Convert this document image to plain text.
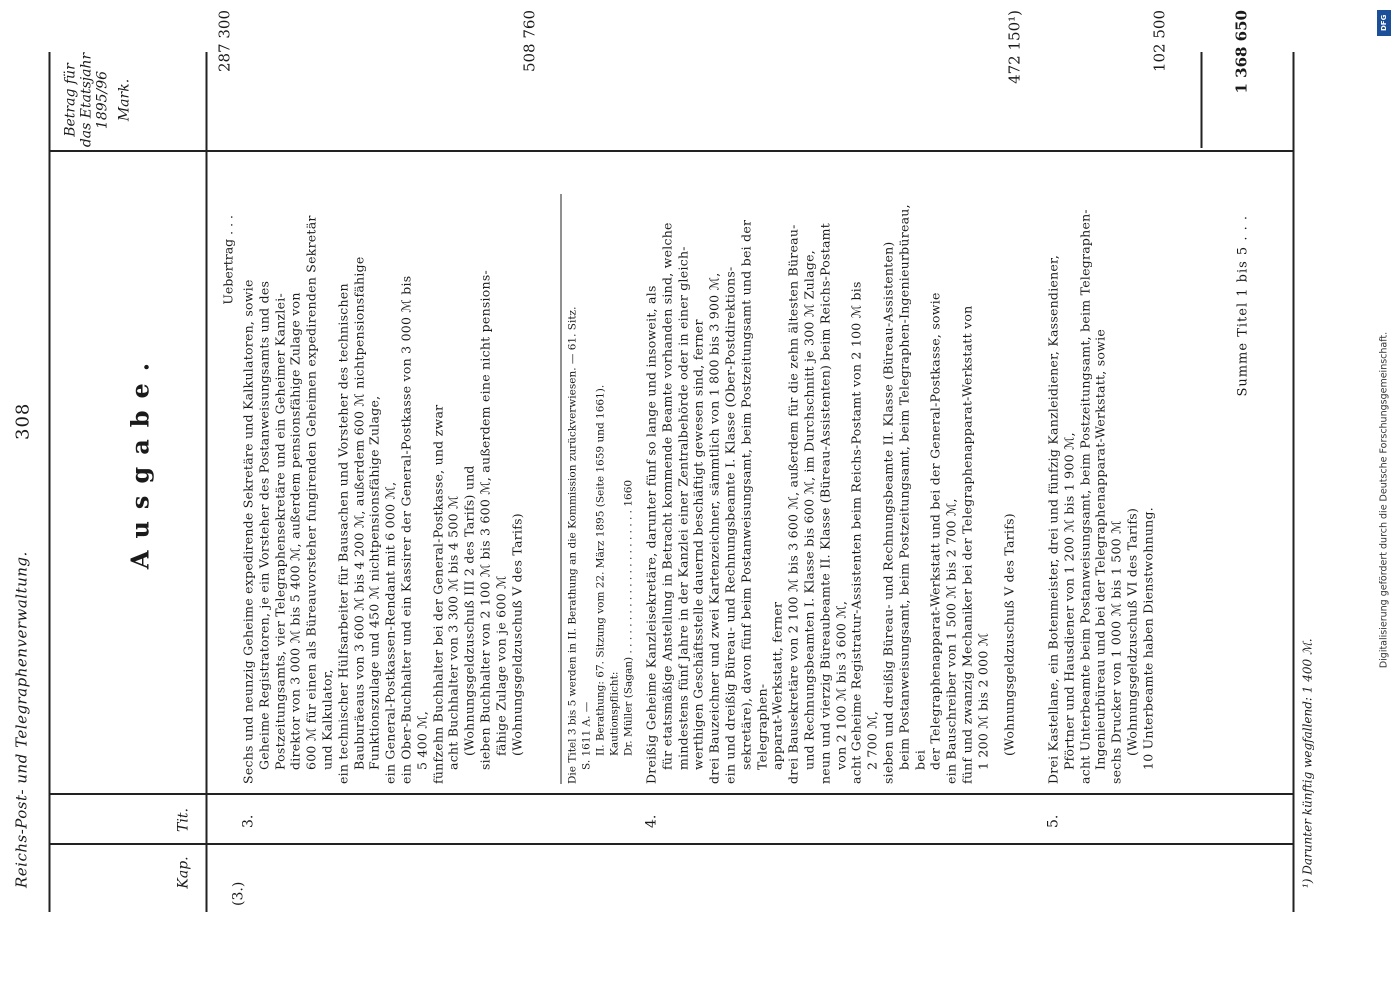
Reichs-Post- und Telegraphenverwaltung.
308
Kap.
Tit.
Betrag für das Etatsjahr 1895/96 Mark.
Ausgabe.
(3.)
Uebertrag . . .
287 300
3.

Sechs und neunzig Geheime expedirende Sekretäre und Kalkulatoren, sowie Geheime Registratoren, je ein Vorsteher des Postanweisungsamts und des Postzeitungsamts, vier Telegraphensekretäre und ein Geheimer Kanzlei- direktor von 3 000 ℳ bis 5 400 ℳ, außerdem pensionsfähige Zulage von 600 ℳ für einen als Büreauvorsteher fungirenden Geheimen expedirenden Sekretär und Kalkulator, ein technischer Hülfsarbeiter für Bausachen und Vorsteher des technischen Bauburäeaus von 3 600 ℳ bis 4 200 ℳ, außerdem 600 ℳ nichtpensionsfähige Funktionszulage und 450 ℳ nichtpensionsfähige Zulage, ein General-Postkassen-Rendant mit 6 000 ℳ, ein Ober-Buchhalter und ein Kassirer der General-Postkasse von 3 000 ℳ bis 5 400 ℳ, fünfzehn Buchhalter bei der General-Postkasse, und zwar acht Buchhalter von 3 300 ℳ bis 4 500 ℳ (Wohnungsgeldzuschuß III 2 des Tarifs) und sieben Buchhalter von 2 100 ℳ bis 3 600 ℳ, außerdem eine nicht pensions- fähige Zulage von je 600 ℳ (Wohnungsgeldzuschuß V des Tarifs)

508 760

Die Titel 3 bis 5 werden in II. Berathung an die Kommission zurückverwiesen. — 61. Sitz. S. 1611 A. — II. Berathung: 67. Sitzung vom 22. März 1895 (Seite 1659 und 1661). Kautionspflicht: Dr. Müller (Sagan) . . . . . . . . . . . . . . . . . . . . . . 1660

4.

Dreißig Geheime Kanzleisekretäre, darunter fünf so lange und insoweit, als für etatsmäßige Anstellung in Betracht kommende Beamte vorhanden sind, welche mindestens fünf Jahre in der Kanzlei einer Zentralbehörde oder in einer gleich- werthigen Geschäftsstelle dauernd beschäftigt gewesen sind, ferner drei Bauzeichner und zwei Kartenzeichner, sämmtlich von 1 800 bis 3 900 ℳ, ein und dreißig Büreau- und Rechnungsbeamte I. Klasse (Ober-Postdirektions- sekretäre), davon fünf beim Postanweisungsamt, beim Postzeitungsamt und bei der Telegraphen- apparat-Werkstatt, ferner drei Bausekretäre von 2 100 ℳ bis 3 600 ℳ, außerdem für die zehn ältesten Büreau- und Rechnungsbeamten I. Klasse bis 600 ℳ, im Durchschnitt je 300 ℳ Zulage, neun und vierzig Büreaubeamte II. Klasse (Büreau-Assistenten) beim Reichs-Postamt von 2 100 ℳ bis 3 600 ℳ, acht Geheime Registratur-Assistenten beim Reichs-Postamt von 2 100 ℳ bis 2 700 ℳ, sieben und dreißig Büreau- und Rechnungsbeamte II. Klasse (Büreau-Assistenten) beim Postanweisungsamt, beim Postzeitungsamt, beim Telegraphen-Ingenieurbüreau, bei der Telegraphenapparat-Werkstatt und bei der General-Postkasse, sowie ein Bauschreiber von 1 500 ℳ bis 2 700 ℳ, fünf und zwanzig Mechaniker bei der Telegraphenapparat-Werkstatt von 1 200 ℳ bis 2 000 ℳ (Wohnungsgeldzuschuß V des Tarifs)

472 150¹)
5.

Drei Kastellane, ein Botenmeister, drei und fünfzig Kanzleidiener, Kassendiener, Pförtner und Hausdiener von 1 200 ℳ bis 1 900 ℳ, acht Unterbeamte beim Postanweisungsamt, beim Postzeitungsamt, beim Telegraphen- Ingenieurbüreau und bei der Telegraphenapparat-Werkstatt, sowie sechs Drucker von 1 000 ℳ bis 1 500 ℳ (Wohnungsgeldzuschuß VI des Tarifs) 10 Unterbeamte haben Dienstwohnung.

102 500
Summe Titel 1 bis 5 . . .
1 368 650
¹) Darunter künftig wegfallend: 1 400 ℳ.
DFG
Digitalisierung gefördert durch die Deutsche Forschungsgemeinschaft.
